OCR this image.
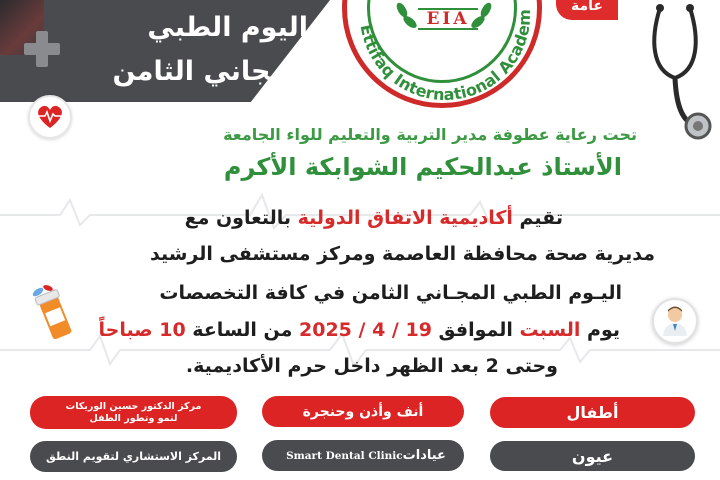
اليوم الطبي
المجاني الثامن
Ettifaq International Academ
EIA
عامة
تحت رعاية عطوفة مدير التربية والتعليم للواء الجامعة
الأستاذ عبدالحكيم الشوابكة الأكرم
تقيم أكاديمية الاتفاق الدولية بالتعاون مع
مديرية صحة محافظة العاصمة ومركز مستشفى الرشيد
اليـوم الطبي المجـاني الثامن في كافة التخصصات
يوم السبت الموافق 19 / 4 / 2025 من الساعة 10 صباحاً
وحتى 2 بعد الظهر داخل حرم الأكاديمية.
أطفال
أنف وأذن وحنجرة
مركز الدكتور حسين الوريكات
لنمو وتطور الطفل
عيون
عيادات
Smart Dental Clinic
المركز الاستشاري لتقويم النطق
